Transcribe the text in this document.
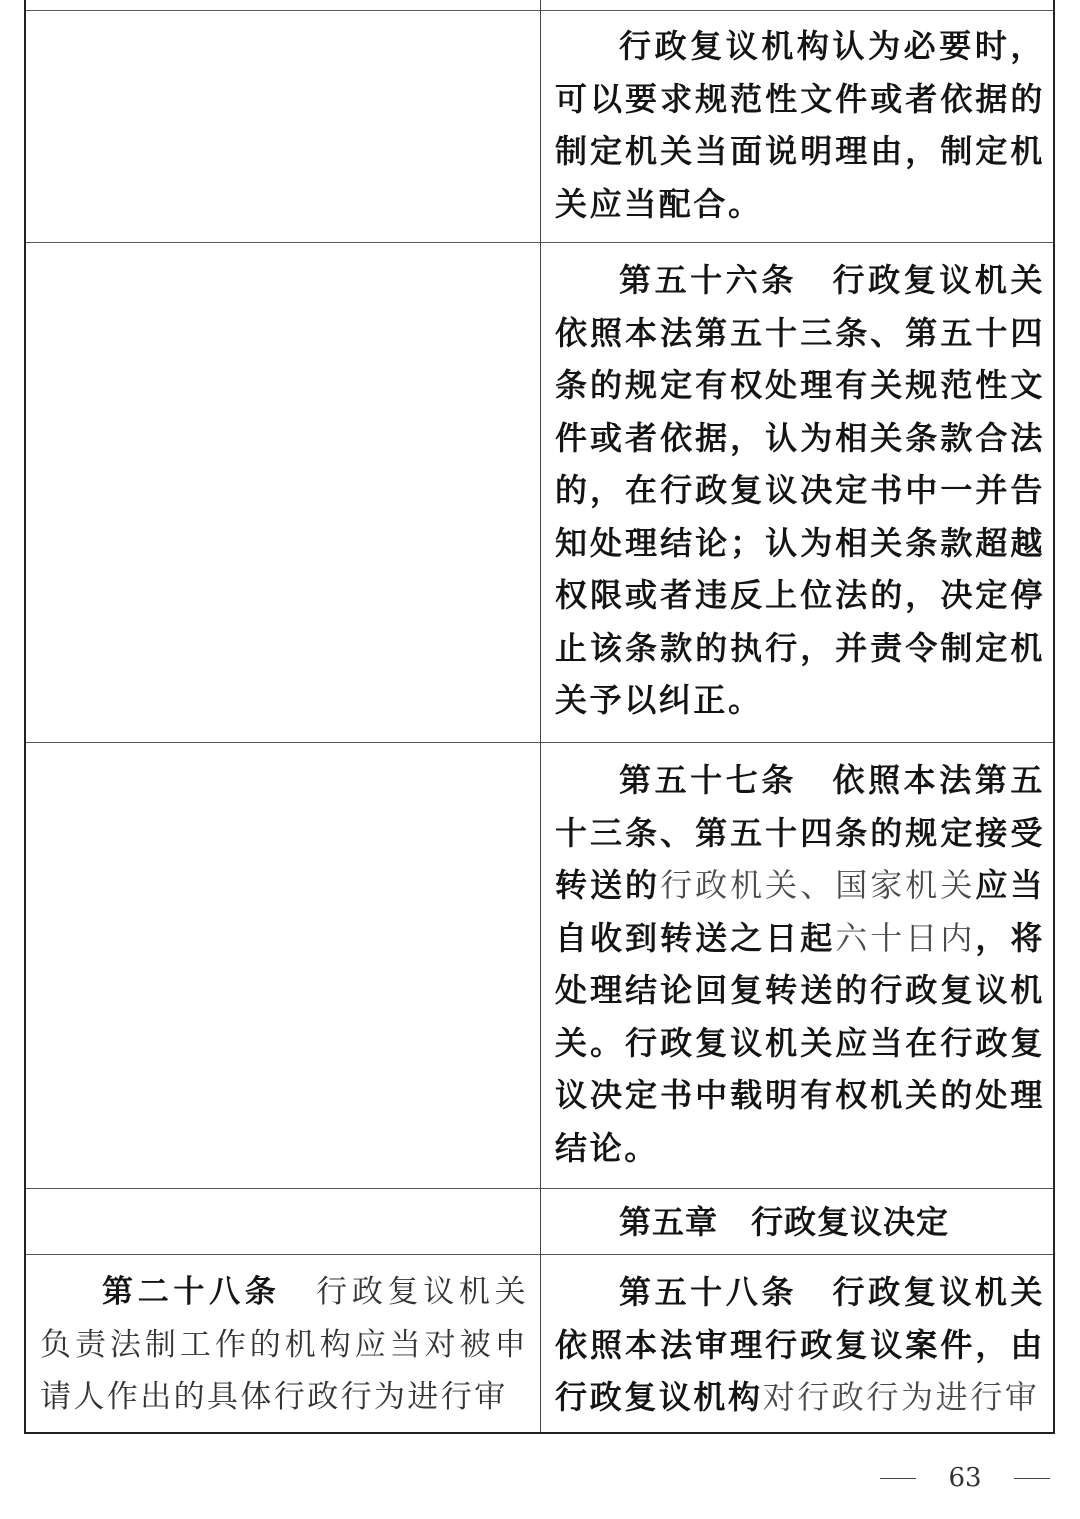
行政复议机构认为必要时，可以要求规范性文件或者依据的制定机关当面说明理由，制定机关应当配合。

第五十六条　 行政复议机关依照本法第五十三条、第五十四条的规定有权处理有关规范性文件或者依据，认为相关条款合法的，在行政复议决定书中一并告知处理结论；认为相关条款超越权限或者违反上位法的，决定停止该条款的执行，并责令制定机关予以纠正。

第五十七条　 依照本法第五十三条、第五十四条的规定接受转送的行政机关、国家机关应当自收到转送之日起六十日内，将处理结论回复转送的行政复议机关。行政复议机关应当在行政复议决定书中载明有权机关的处理结论。

第五章　行政复议决定

第二十八条　 行政复议机关负责法制工作的机构应当对被申请人作出的具体行政行为进行审

第五十八条　 行政复议机关依照本法审理行政复议案件，由行政复议机构对行政行为进行审

63
